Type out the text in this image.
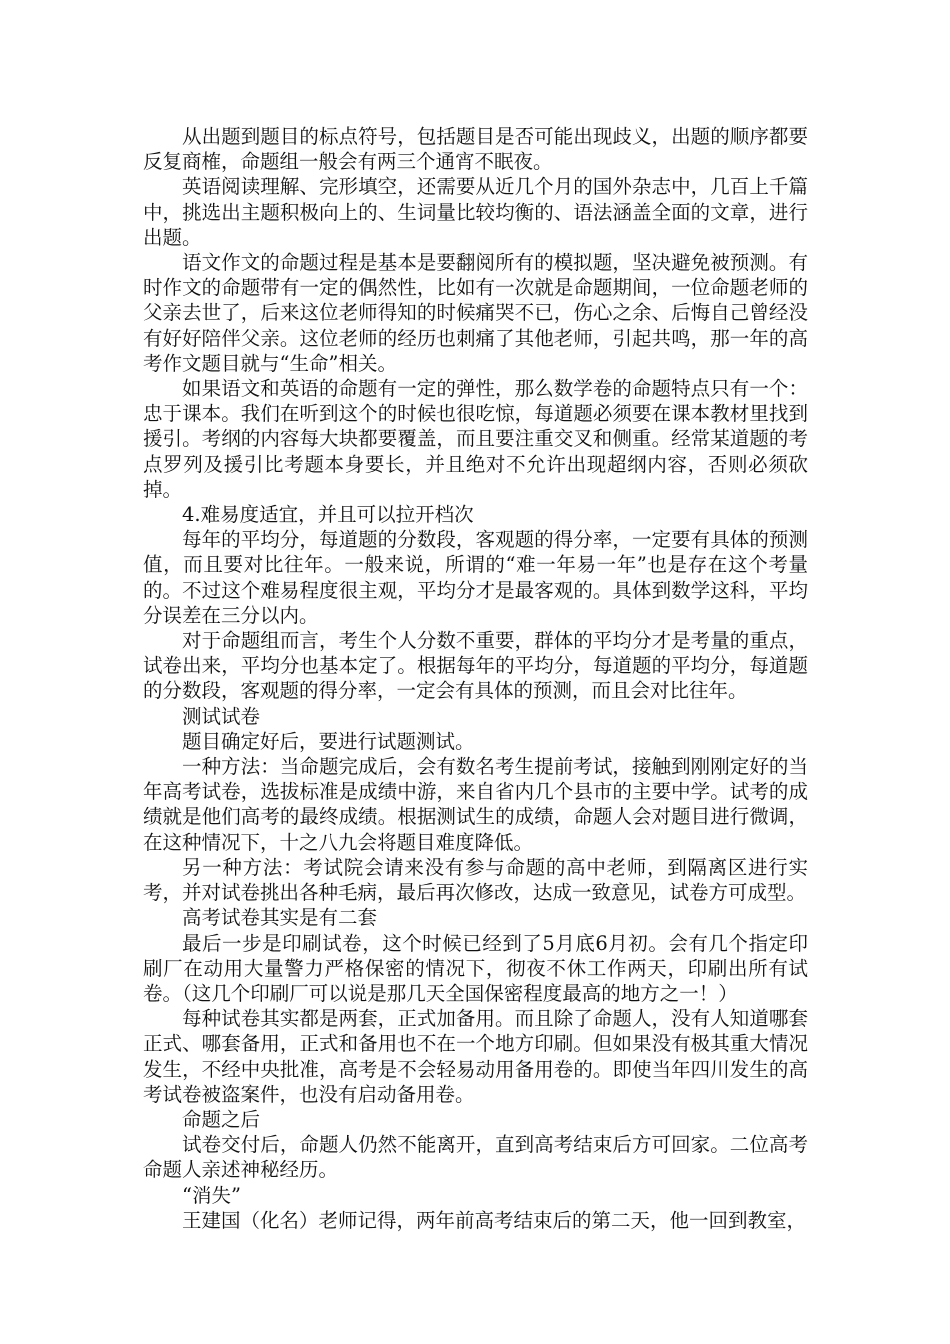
从出题到题目的标点符号，包括题目是否可能出现歧义，出题的顺序都要反复商榷，命题组一般会有两三个通宵不眠夜。

英语阅读理解、完形填空，还需要从近几个月的国外杂志中，几百上千篇中，挑选出主题积极向上的、生词量比较均衡的、语法涵盖全面的文章，进行出题。

语文作文的命题过程是基本是要翻阅所有的模拟题，坚决避免被预测。有时作文的命题带有一定的偶然性，比如有一次就是命题期间，一位命题老师的父亲去世了，后来这位老师得知的时候痛哭不已，伤心之余、后悔自己曾经没有好好陪伴父亲。这位老师的经历也刺痛了其他老师，引起共鸣，那一年的高考作文题目就与“生命”相关。

如果语文和英语的命题有一定的弹性，那么数学卷的命题特点只有一个：忠于课本。我们在听到这个的时候也很吃惊，每道题必须要在课本教材里找到援引。考纲的内容每大块都要覆盖，而且要注重交叉和侧重。经常某道题的考点罗列及援引比考题本身要长，并且绝对不允许出现超纲内容，否则必须砍掉。

4.难易度适宜，并且可以拉开档次

每年的平均分，每道题的分数段，客观题的得分率，一定要有具体的预测值，而且要对比往年。一般来说，所谓的“难一年易一年”也是存在这个考量的。不过这个难易程度很主观，平均分才是最客观的。具体到数学这科，平均分误差在三分以内。

对于命题组而言，考生个人分数不重要，群体的平均分才是考量的重点，试卷出来，平均分也基本定了。根据每年的平均分，每道题的平均分，每道题的分数段，客观题的得分率，一定会有具体的预测，而且会对比往年。

测试试卷

题目确定好后，要进行试题测试。

一种方法：当命题完成后，会有数名考生提前考试，接触到刚刚定好的当年高考试卷，选拔标准是成绩中游，来自省内几个县市的主要中学。试考的成绩就是他们高考的最终成绩。根据测试生的成绩，命题人会对题目进行微调，在这种情况下，十之八九会将题目难度降低。

另一种方法：考试院会请来没有参与命题的高中老师，到隔离区进行实考，并对试卷挑出各种毛病，最后再次修改，达成一致意见，试卷方可成型。

高考试卷其实是有二套

最后一步是印刷试卷，这个时候已经到了5月底6月初。会有几个指定印刷厂在动用大量警力严格保密的情况下，彻夜不休工作两天，印刷出所有试卷。（这几个印刷厂可以说是那几天全国保密程度最高的地方之一！）

每种试卷其实都是两套，正式加备用。而且除了命题人，没有人知道哪套正式、哪套备用，正式和备用也不在一个地方印刷。但如果没有极其重大情况发生，不经中央批准，高考是不会轻易动用备用卷的。即使当年四川发生的高考试卷被盗案件，也没有启动备用卷。

命题之后

试卷交付后，命题人仍然不能离开，直到高考结束后方可回家。二位高考命题人亲述神秘经历。

“消失”

王建国（化名）老师记得，两年前高考结束后的第二天，他一回到教室，
